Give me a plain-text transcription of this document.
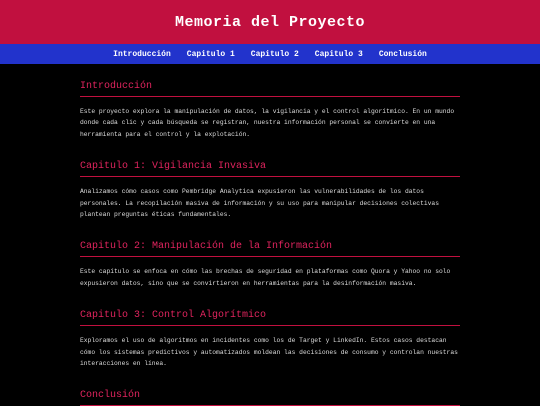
Memoria del Proyecto
Introducción Capitulo 1 Capitulo 2 Capitulo 3 Conclusión
Introducción

Este proyecto explora la manipulación de datos, la vigilancia y el control algorítmico. En un mundo donde cada clic y cada búsqueda se registran, nuestra información personal se convierte en una herramienta para el control y la explotación.

Capitulo 1: Vigilancia Invasiva

Analizamos cómo casos como Pembridge Analytica expusieron las vulnerabilidades de los datos personales. La recopilación masiva de información y su uso para manipular decisiones colectivas plantean preguntas éticas fundamentales.

Capitulo 2: Manipulación de la Información

Este capítulo se enfoca en cómo las brechas de seguridad en plataformas como Quora y Yahoo no solo expusieron datos, sino que se convirtieron en herramientas para la desinformación masiva.

Capitulo 3: Control Algorítmico

Exploramos el uso de algoritmos en incidentes como los de Target y LinkedIn. Estos casos destacan cómo los sistemas predictivos y automatizados moldean las decisiones de consumo y controlan nuestras interacciones en línea.

Conclusión
